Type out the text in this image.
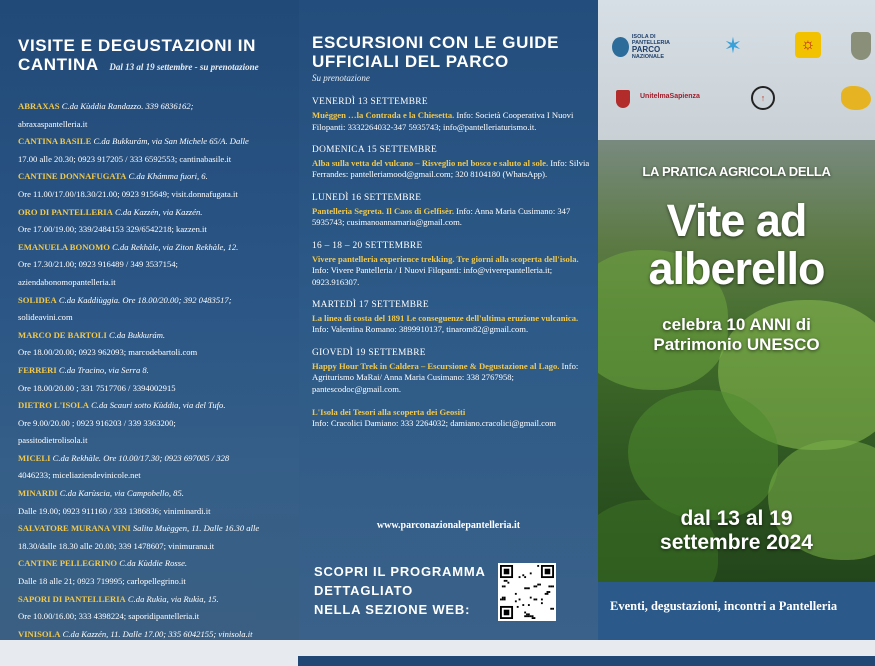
VISITE E DEGUSTAZIONI IN
CANTINA Dal 13 al 19 settembre - su prenotazione
ABRAXAS C.da Kùddia Randazzo. 339 6836162;
abraxaspantelleria.it
CANTINA BASILE C.da Bukkurám, via San Michele 65/A. Dalle
17.00 alle 20.30; 0923 917205 / 333 6592553; cantinabasile.it
CANTINE DONNAFUGATA C.da Khámma fuori, 6.
Ore 11.00/17.00/18.30/21.00; 0923 915649; visit.donnafugata.it
ORO DI PANTELLERIA C.da Kazzén, via Kazzén.
Ore 17.00/19.00; 339/2484153 329/6542218; kazzen.it
EMANUELA BONOMO C.da Rekhàle, via Ziton Rekhàle, 12.
Ore 17.30/21.00; 0923 916489 / 349 3537154;
aziendabonomopantelleria.it
SOLIDEA C.da Kaddiùggia. Ore 18.00/20.00; 392 0483517;
solideavini.com
MARCO DE BARTOLI C.da Bukkurám.
Ore 18.00/20.00; 0923 962093; marcodebartoli.com
FERRERI C.da Tracino, via Serra 8.
Ore 18.00/20.00 ; 331 7517706 / 3394002915
DIETRO L'ISOLA C.da Scauri sotto Kùddia, via del Tufo.
Ore 9.00/20.00 ; 0923 916203 / 339 3363200;
passitodietrolisola.it
MICELI C.da Rekhàle. Ore 10.00/17.30; 0923 697005 / 328
4046233; miceliaziendevinicole.net
MINARDI C.da Karùscia, via Campobello, 85.
Dalle 19.00; 0923 911160 / 333 1386836; viniminardi.it
SALVATORE MURANA VINI Salita Muèggen, 11. Dalle 16.30 alle
18.30/dalle 18.30 alle 20.00; 339 1478607; vinimurana.it
CANTINE PELLEGRINO C.da Kùddie Rosse.
Dalle 18 alle 21; 0923 719995; carlopellegrino.it
SAPORI DI PANTELLERIA C.da Rukìa, via Rukìa, 15.
Ore 10.00/16.00; 333 4398224; saporidipantelleria.it
VINISOLA C.da Kazzén, 11. Dalle 17.00; 335 6042155; vinisola.it
ESCURSIONI CON LE GUIDE
UFFICIALI DEL PARCO
Su prenotazione
VENERDÌ 13 SETTEMBRE
Muèggen …la Contrada e la Chiesetta. Info: Società Cooperativa I Nuovi Filopanti: 3332264032-347 5935743; info@pantelleriaturismo.it.
DOMENICA 15 SETTEMBRE
Alba sulla vetta del vulcano – Risveglio nel bosco e saluto al sole. Info: Silvia Ferrandes: pantelleriamood@gmail.com; 320 8104180 (WhatsApp).
LUNEDÌ 16 SETTEMBRE
Pantelleria Segreta. Il Caos di Gelfisèr. Info: Anna Maria Cusimano: 347 5935743; cusimanoannamaria@gmail.com.
16 – 18 – 20 SETTEMBRE
Vivere pantelleria experience trekking. Tre giorni alla scoperta dell'isola. Info: Vivere Pantelleria / I Nuovi Filopanti: info@viverepantelleria.it; 0923.916307.
MARTEDÌ 17 SETTEMBRE
La linea di costa del 1891 Le conseguenze dell'ultima eruzione vulcanica. Info: Valentina Romano: 3899910137, tinarom82@gmail.com.
GIOVEDÌ 19 SETTEMBRE
Happy Hour Trek in Caldera – Escursione & Degustazione al Lago. Info: Agriturismo MaRai/ Anna Maria Cusimano: 338 2767958; pantescodoc@gmail.com.
L'Isola dei Tesori alla scoperta dei Geositi
Info: Cracolici Damiano: 333 2264032; damiano.cracolici@gmail.com
www.parconazionalepantelleria.it
SCOPRI IL PROGRAMMA
DETTAGLIATO
NELLA SEZIONE WEB:
ISOLA DI
PANTELLERIA
PARCO
NAZIONALE	✶	☼
UnitelmaSapienza	↑
LA PRATICA AGRICOLA DELLA
Vite ad
alberello
celebra 10 ANNI di
Patrimonio UNESCO
dal 13 al 19
settembre 2024
Eventi, degustazioni, incontri a Pantelleria
